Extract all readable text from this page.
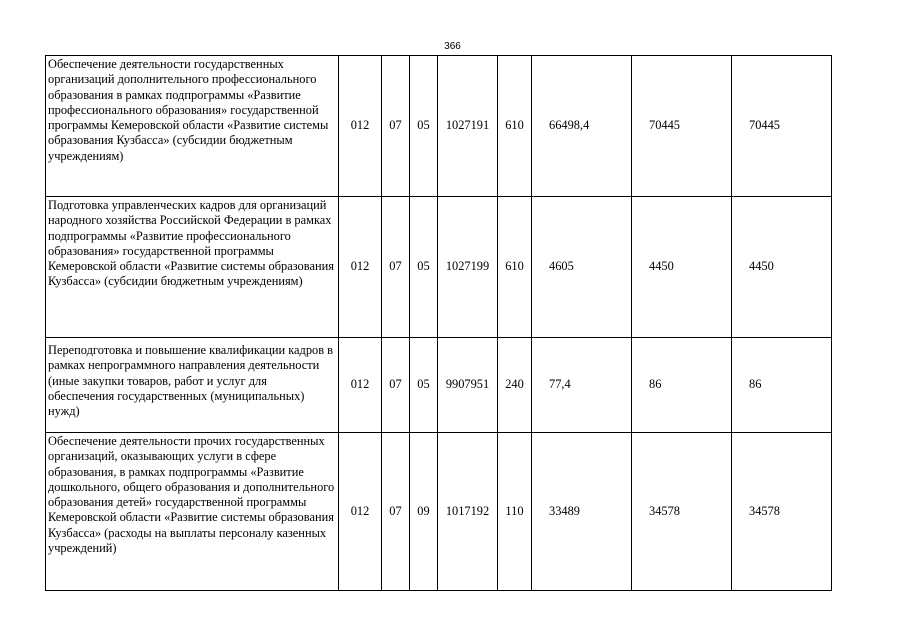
366
Обеспечение деятельности государственных организаций дополнительного профессионального образования в рамках подпрограммы «Развитие профессионального образования» государственной программы Кемеровской области «Развитие системы образования Кузбасса» (субсидии бюджетным учреждениям)	012	07	05	1027191	610	66498,4	70445	70445
Подготовка управленческих кадров для организаций народного хозяйства Российской Федерации в рамках подпрограммы «Развитие профессионального образования» государственной программы Кемеровской области «Развитие системы образования Кузбасса» (субсидии бюджетным учреждениям)	012	07	05	1027199	610	4605	4450	4450
Переподготовка и повышение квалификации кадров в рамках непрограммного направления деятельности (иные закупки товаров, работ и услуг для обеспечения государственных (муниципальных) нужд)	012	07	05	9907951	240	77,4	86	86
Обеспечение деятельности прочих государственных организаций, оказывающих услуги в сфере образования, в рамках подпрограммы «Развитие дошкольного, общего образования и дополнительного образования детей» государственной программы Кемеровской области «Развитие системы образования Кузбасса» (расходы на выплаты персоналу казенных учреждений)	012	07	09	1017192	110	33489	34578	34578
